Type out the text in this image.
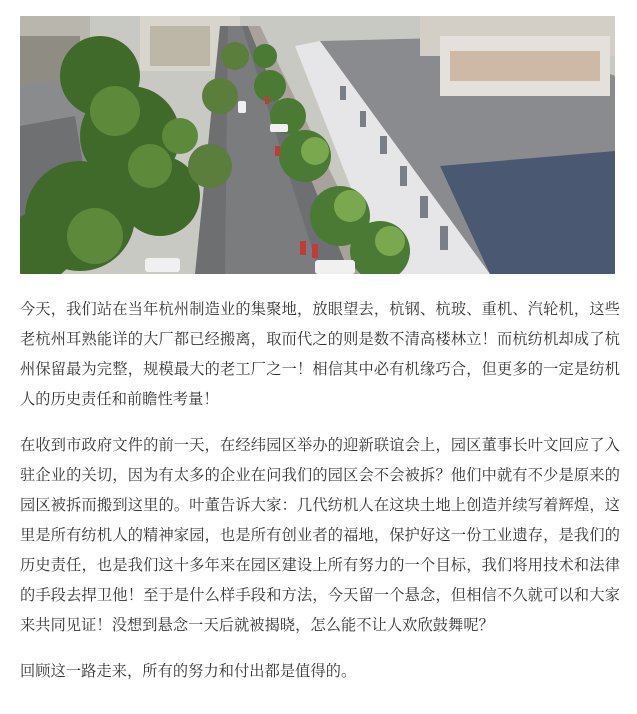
今天，我们站在当年杭州制造业的集聚地，放眼望去，杭钢、杭玻、重机、汽轮机，这些老杭州耳熟能详的大厂都已经搬离，取而代之的则是数不清高楼林立！而杭纺机却成了杭州保留最为完整，规模最大的老工厂之一！相信其中必有机缘巧合，但更多的一定是纺机人的历史责任和前瞻性考量！

在收到市政府文件的前一天，在经纬园区举办的迎新联谊会上，园区董事长叶文回应了入驻企业的关切，因为有太多的企业在问我们的园区会不会被拆？他们中就有不少是原来的园区被拆而搬到这里的。叶董告诉大家：几代纺机人在这块土地上创造并续写着辉煌，这里是所有纺机人的精神家园，也是所有创业者的福地，保护好这一份工业遗存，是我们的历史责任，也是我们这十多年来在园区建设上所有努力的一个目标，我们将用技术和法律的手段去捍卫他！至于是什么样手段和方法，今天留一个悬念，但相信不久就可以和大家来共同见证！没想到悬念一天后就被揭晓，怎么能不让人欢欣鼓舞呢？

回顾这一路走来，所有的努力和付出都是值得的。
